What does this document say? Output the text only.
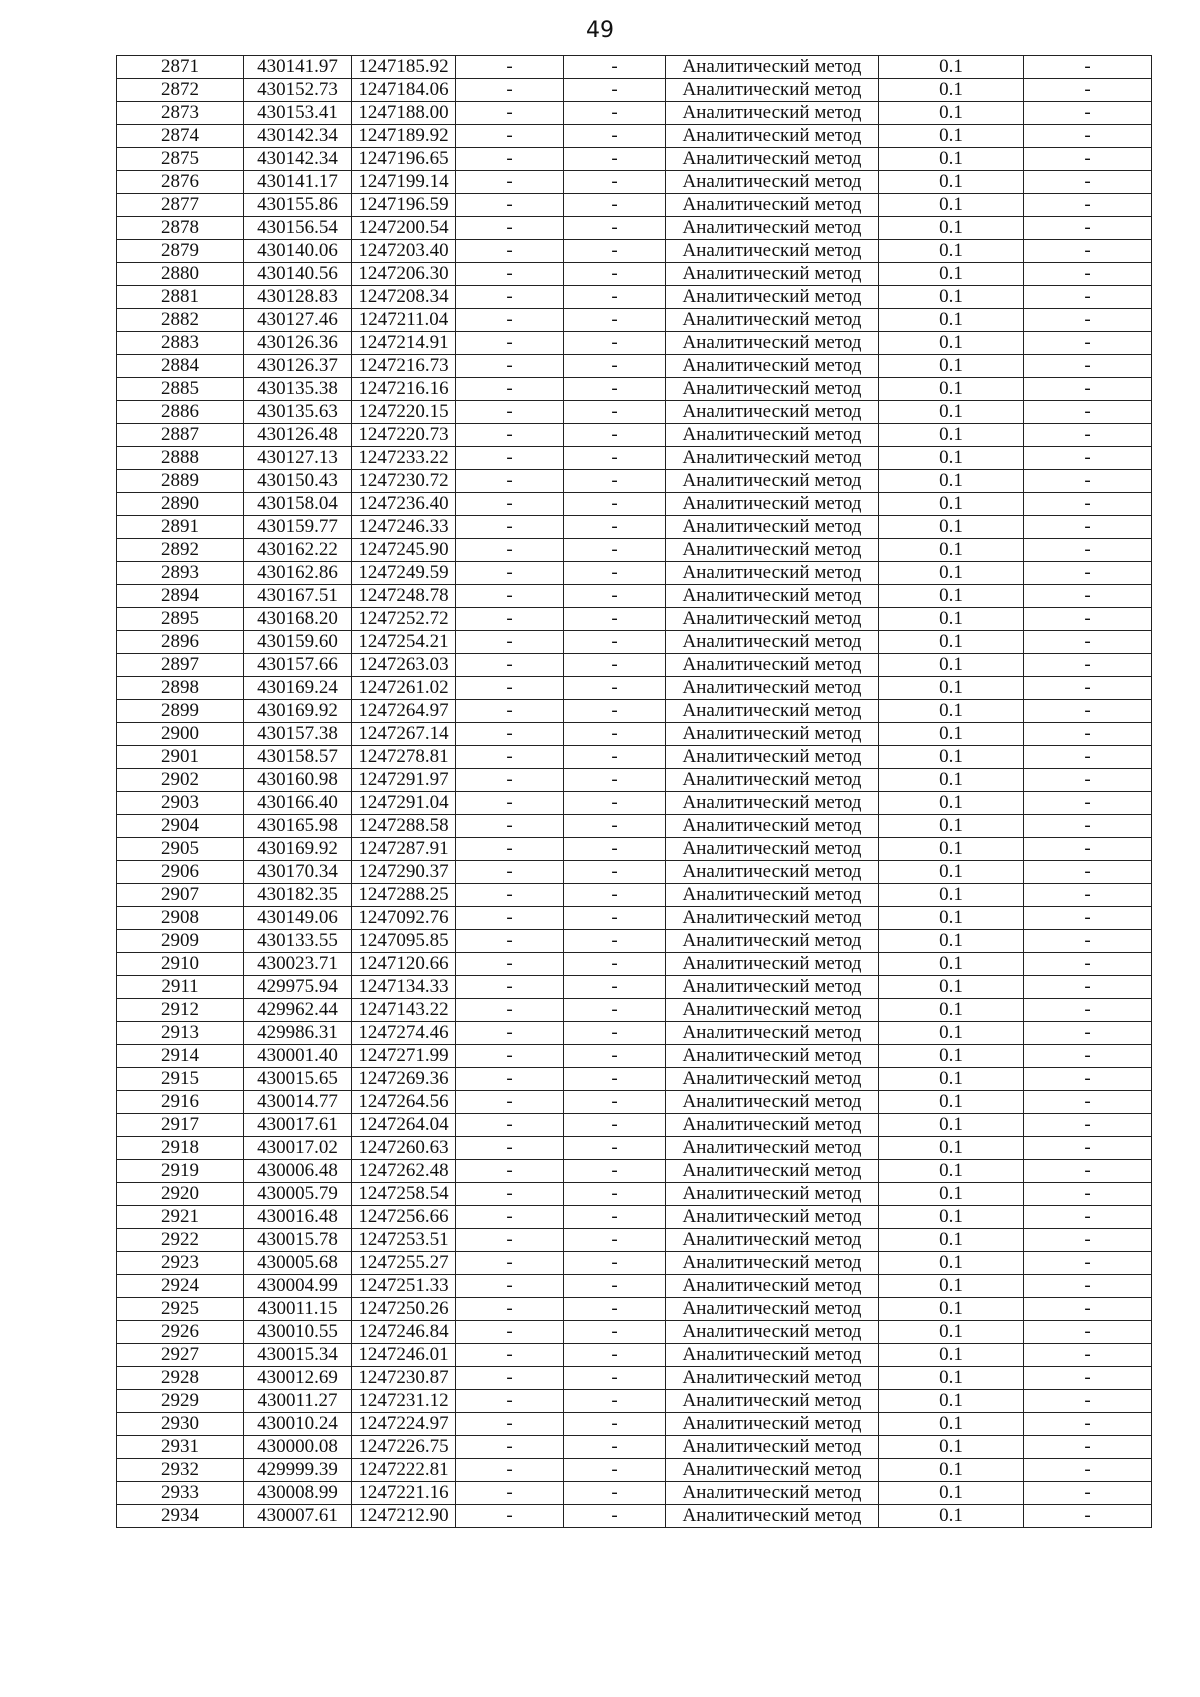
49
2871	430141.97	1247185.92	-	-	Аналитический метод	0.1	-
2872	430152.73	1247184.06	-	-	Аналитический метод	0.1	-
2873	430153.41	1247188.00	-	-	Аналитический метод	0.1	-
2874	430142.34	1247189.92	-	-	Аналитический метод	0.1	-
2875	430142.34	1247196.65	-	-	Аналитический метод	0.1	-
2876	430141.17	1247199.14	-	-	Аналитический метод	0.1	-
2877	430155.86	1247196.59	-	-	Аналитический метод	0.1	-
2878	430156.54	1247200.54	-	-	Аналитический метод	0.1	-
2879	430140.06	1247203.40	-	-	Аналитический метод	0.1	-
2880	430140.56	1247206.30	-	-	Аналитический метод	0.1	-
2881	430128.83	1247208.34	-	-	Аналитический метод	0.1	-
2882	430127.46	1247211.04	-	-	Аналитический метод	0.1	-
2883	430126.36	1247214.91	-	-	Аналитический метод	0.1	-
2884	430126.37	1247216.73	-	-	Аналитический метод	0.1	-
2885	430135.38	1247216.16	-	-	Аналитический метод	0.1	-
2886	430135.63	1247220.15	-	-	Аналитический метод	0.1	-
2887	430126.48	1247220.73	-	-	Аналитический метод	0.1	-
2888	430127.13	1247233.22	-	-	Аналитический метод	0.1	-
2889	430150.43	1247230.72	-	-	Аналитический метод	0.1	-
2890	430158.04	1247236.40	-	-	Аналитический метод	0.1	-
2891	430159.77	1247246.33	-	-	Аналитический метод	0.1	-
2892	430162.22	1247245.90	-	-	Аналитический метод	0.1	-
2893	430162.86	1247249.59	-	-	Аналитический метод	0.1	-
2894	430167.51	1247248.78	-	-	Аналитический метод	0.1	-
2895	430168.20	1247252.72	-	-	Аналитический метод	0.1	-
2896	430159.60	1247254.21	-	-	Аналитический метод	0.1	-
2897	430157.66	1247263.03	-	-	Аналитический метод	0.1	-
2898	430169.24	1247261.02	-	-	Аналитический метод	0.1	-
2899	430169.92	1247264.97	-	-	Аналитический метод	0.1	-
2900	430157.38	1247267.14	-	-	Аналитический метод	0.1	-
2901	430158.57	1247278.81	-	-	Аналитический метод	0.1	-
2902	430160.98	1247291.97	-	-	Аналитический метод	0.1	-
2903	430166.40	1247291.04	-	-	Аналитический метод	0.1	-
2904	430165.98	1247288.58	-	-	Аналитический метод	0.1	-
2905	430169.92	1247287.91	-	-	Аналитический метод	0.1	-
2906	430170.34	1247290.37	-	-	Аналитический метод	0.1	-
2907	430182.35	1247288.25	-	-	Аналитический метод	0.1	-
2908	430149.06	1247092.76	-	-	Аналитический метод	0.1	-
2909	430133.55	1247095.85	-	-	Аналитический метод	0.1	-
2910	430023.71	1247120.66	-	-	Аналитический метод	0.1	-
2911	429975.94	1247134.33	-	-	Аналитический метод	0.1	-
2912	429962.44	1247143.22	-	-	Аналитический метод	0.1	-
2913	429986.31	1247274.46	-	-	Аналитический метод	0.1	-
2914	430001.40	1247271.99	-	-	Аналитический метод	0.1	-
2915	430015.65	1247269.36	-	-	Аналитический метод	0.1	-
2916	430014.77	1247264.56	-	-	Аналитический метод	0.1	-
2917	430017.61	1247264.04	-	-	Аналитический метод	0.1	-
2918	430017.02	1247260.63	-	-	Аналитический метод	0.1	-
2919	430006.48	1247262.48	-	-	Аналитический метод	0.1	-
2920	430005.79	1247258.54	-	-	Аналитический метод	0.1	-
2921	430016.48	1247256.66	-	-	Аналитический метод	0.1	-
2922	430015.78	1247253.51	-	-	Аналитический метод	0.1	-
2923	430005.68	1247255.27	-	-	Аналитический метод	0.1	-
2924	430004.99	1247251.33	-	-	Аналитический метод	0.1	-
2925	430011.15	1247250.26	-	-	Аналитический метод	0.1	-
2926	430010.55	1247246.84	-	-	Аналитический метод	0.1	-
2927	430015.34	1247246.01	-	-	Аналитический метод	0.1	-
2928	430012.69	1247230.87	-	-	Аналитический метод	0.1	-
2929	430011.27	1247231.12	-	-	Аналитический метод	0.1	-
2930	430010.24	1247224.97	-	-	Аналитический метод	0.1	-
2931	430000.08	1247226.75	-	-	Аналитический метод	0.1	-
2932	429999.39	1247222.81	-	-	Аналитический метод	0.1	-
2933	430008.99	1247221.16	-	-	Аналитический метод	0.1	-
2934	430007.61	1247212.90	-	-	Аналитический метод	0.1	-
